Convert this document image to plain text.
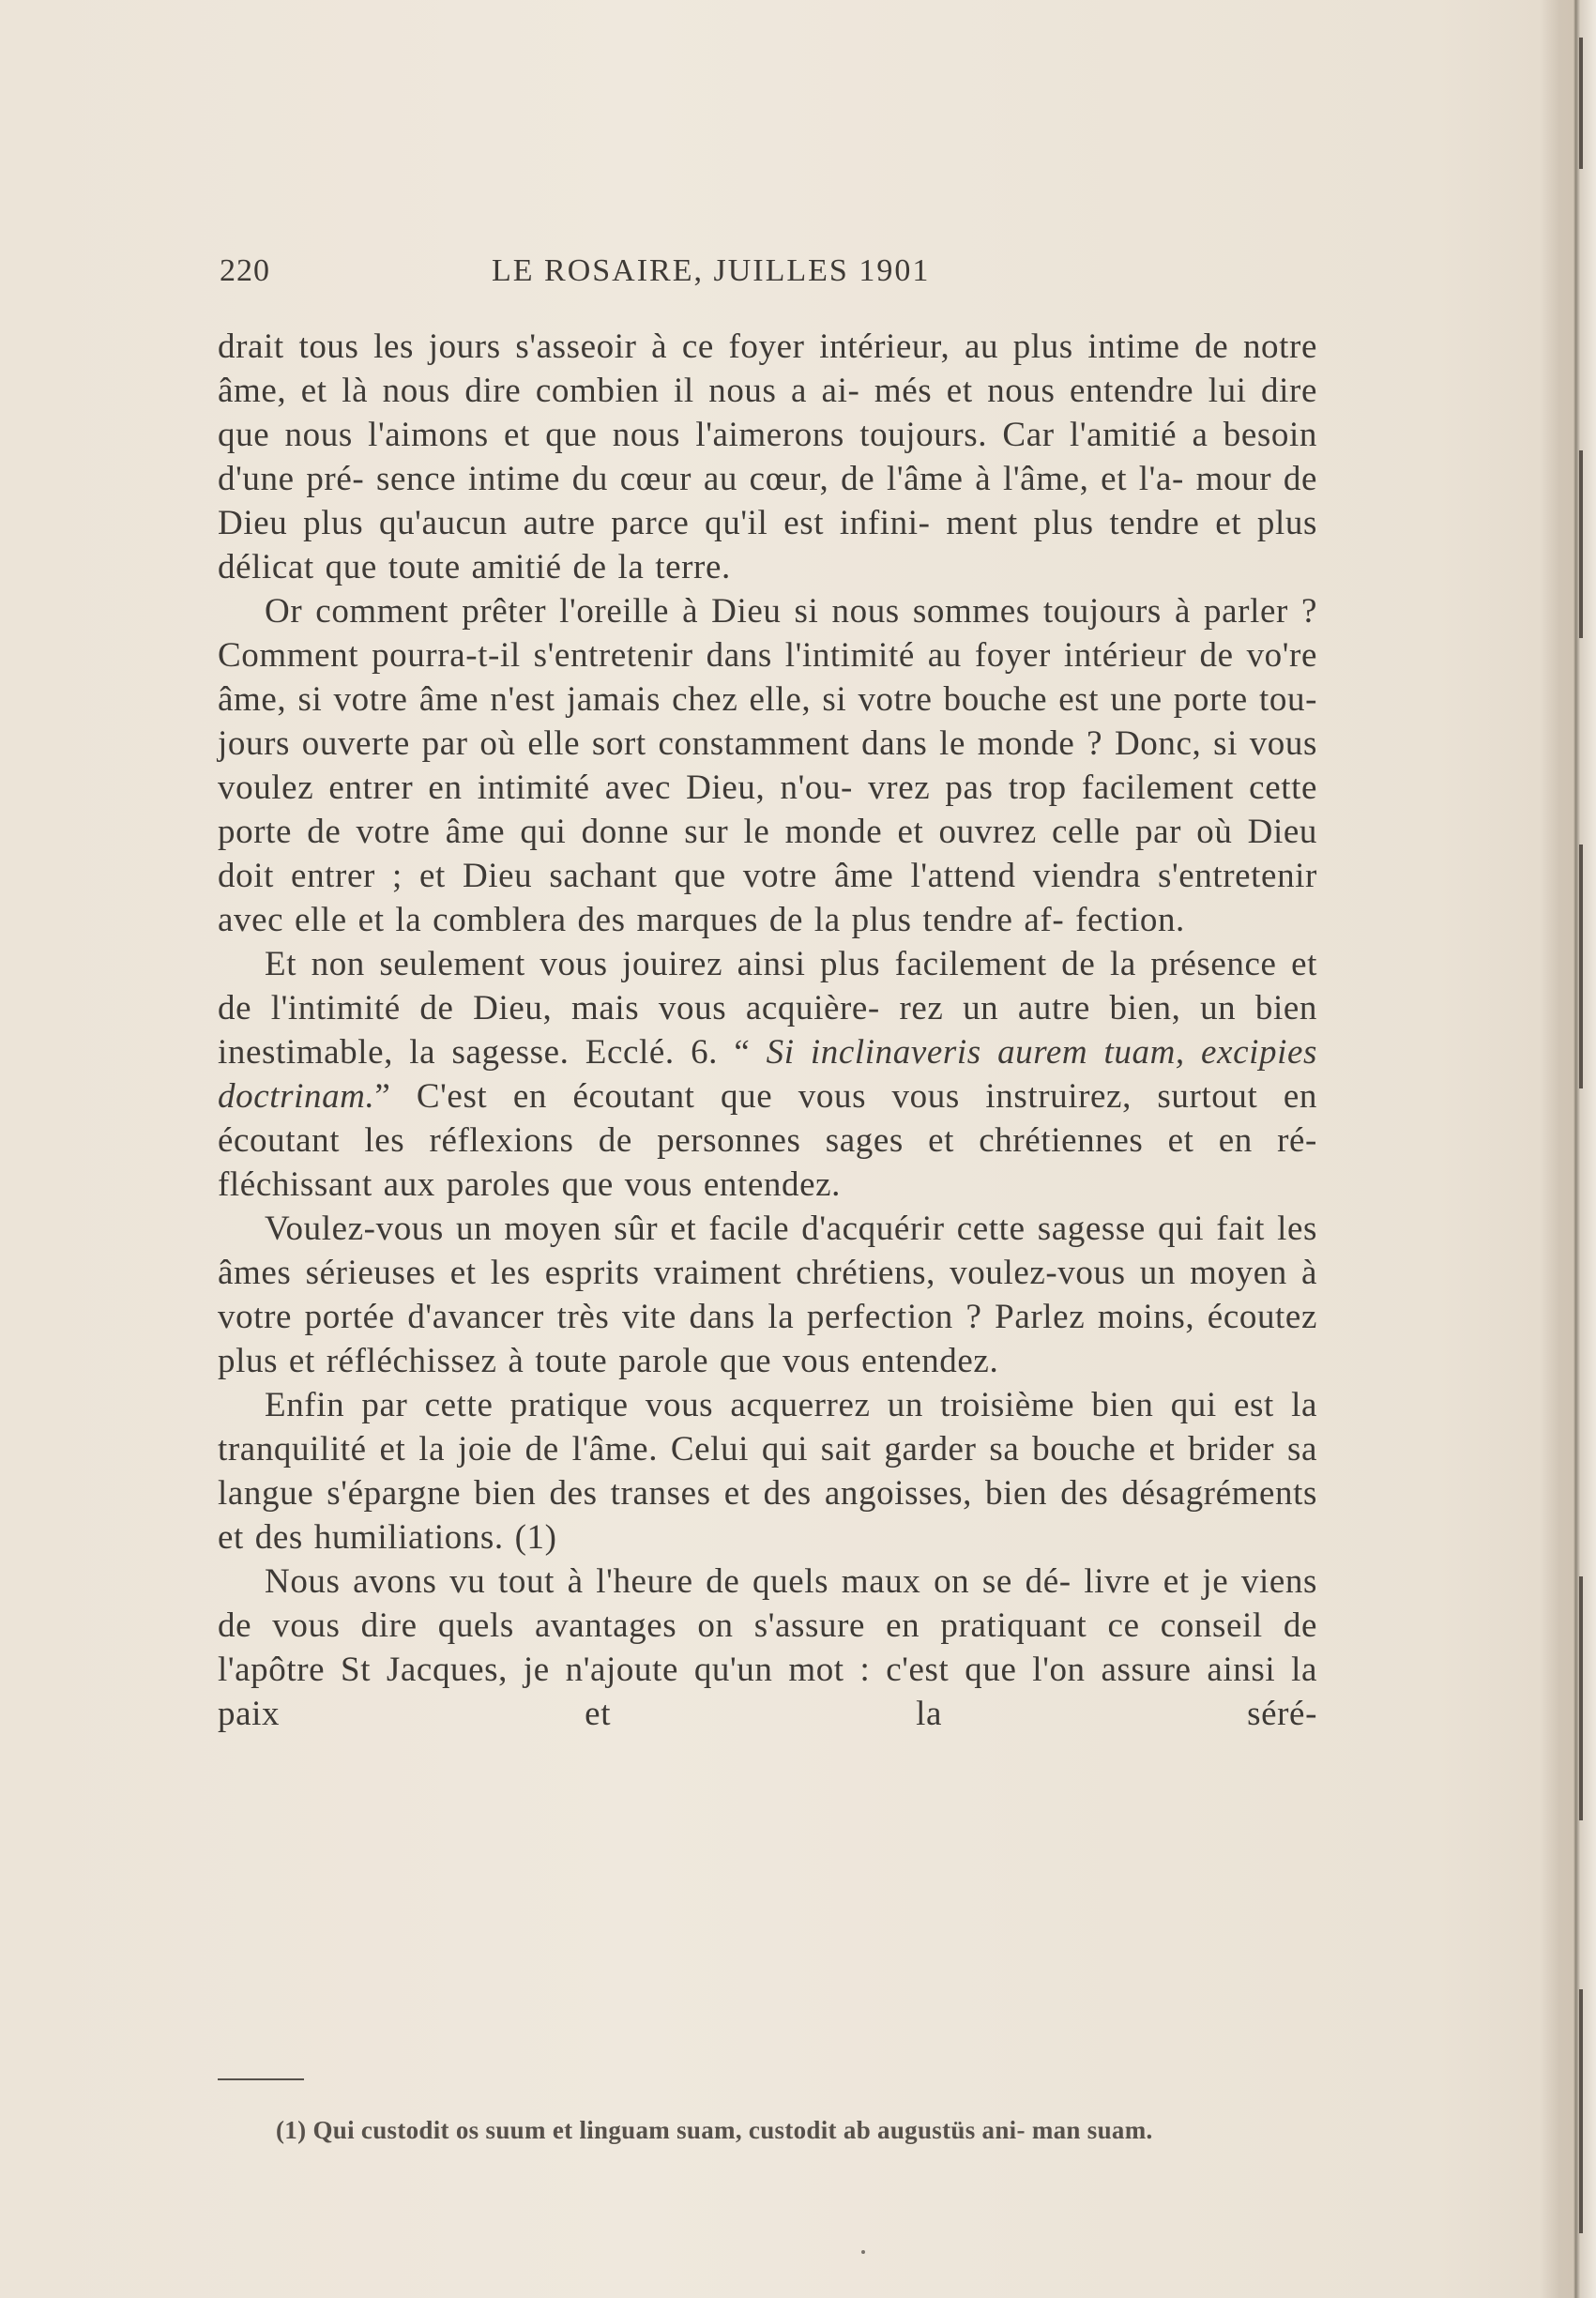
220	LE ROSAIRE, JUILLES 1901

drait tous les jours s'asseoir à ce foyer intérieur, au plus intime de notre âme, et là nous dire combien il nous a ai- més et nous entendre lui dire que nous l'aimons et que nous l'aimerons toujours. Car l'amitié a besoin d'une pré- sence intime du cœur au cœur, de l'âme à l'âme, et l'a- mour de Dieu plus qu'aucun autre parce qu'il est infini- ment plus tendre et plus délicat que toute amitié de la terre.

Or comment prêter l'oreille à Dieu si nous sommes toujours à parler ? Comment pourra-t-il s'entretenir dans l'intimité au foyer intérieur de vo're âme, si votre âme n'est jamais chez elle, si votre bouche est une porte tou- jours ouverte par où elle sort constamment dans le monde ? Donc, si vous voulez entrer en intimité avec Dieu, n'ou- vrez pas trop facilement cette porte de votre âme qui donne sur le monde et ouvrez celle par où Dieu doit entrer ; et Dieu sachant que votre âme l'attend viendra s'entretenir avec elle et la comblera des marques de la plus tendre af- fection.

Et non seulement vous jouirez ainsi plus facilement de la présence et de l'intimité de Dieu, mais vous acquière- rez un autre bien, un bien inestimable, la sagesse. Ecclé. 6. “ Si inclinaveris aurem tuam, excipies doctrinam.” C'est en écoutant que vous vous instruirez, surtout en écoutant les réflexions de personnes sages et chrétiennes et en ré- fléchissant aux paroles que vous entendez.

Voulez-vous un moyen sûr et facile d'acquérir cette sagesse qui fait les âmes sérieuses et les esprits vraiment chrétiens, voulez-vous un moyen à votre portée d'avancer très vite dans la perfection ? Parlez moins, écoutez plus et réfléchissez à toute parole que vous entendez.

Enfin par cette pratique vous acquerrez un troisième bien qui est la tranquilité et la joie de l'âme. Celui qui sait garder sa bouche et brider sa langue s'épargne bien des transes et des angoisses, bien des désagréments et des humiliations. (1)

Nous avons vu tout à l'heure de quels maux on se dé- livre et je viens de vous dire quels avantages on s'assure en pratiquant ce conseil de l'apôtre St Jacques, je n'ajoute qu'un mot : c'est que l'on assure ainsi la paix et la séré-

(1) Qui custodit os suum et linguam suam, custodit ab augustüs ani- man suam.
